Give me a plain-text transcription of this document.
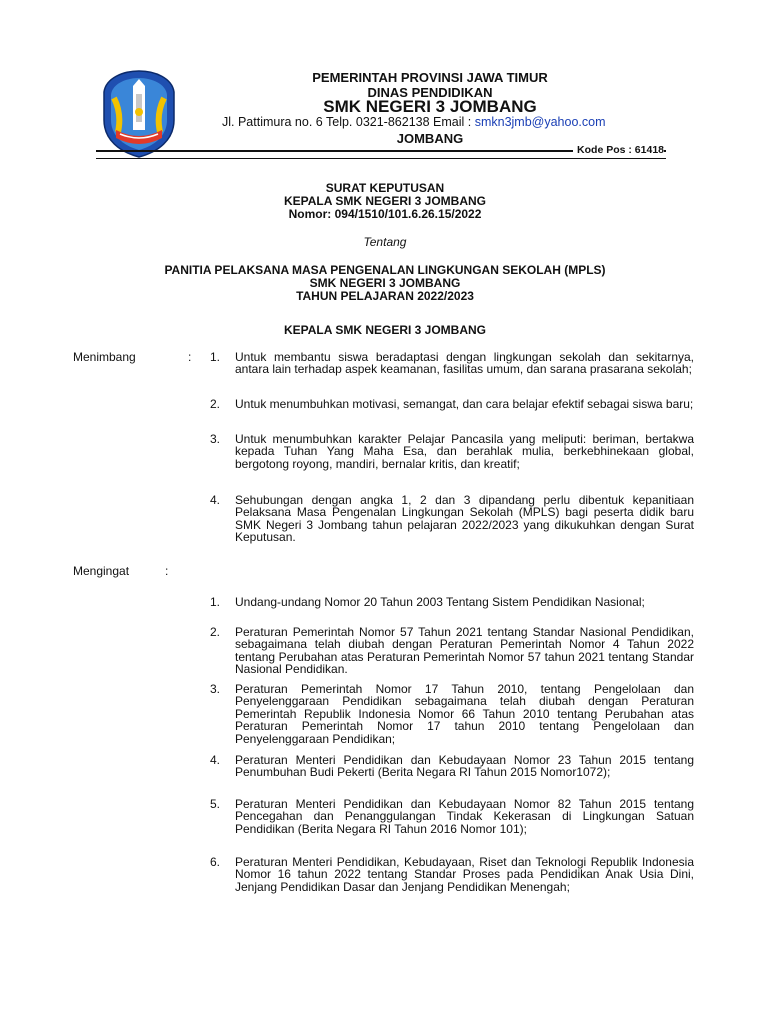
PEMERINTAH PROVINSI JAWA TIMUR
DINAS PENDIDIKAN
SMK NEGERI 3 JOMBANG
Jl. Pattimura no. 6 Telp. 0321-862138 Email : smkn3jmb@yahoo.com
JOMBANG
Kode Pos : 61418
SURAT KEPUTUSAN
KEPALA SMK NEGERI 3 JOMBANG
Nomor: 094/1510/101.6.26.15/2022
Tentang
PANITIA PELAKSANA MASA PENGENALAN LINGKUNGAN SEKOLAH (MPLS)
SMK NEGERI 3 JOMBANG
TAHUN PELAJARAN 2022/2023
KEPALA SMK NEGERI 3 JOMBANG
Menimbang	: 1.	Untuk membantu siswa beradaptasi dengan lingkungan sekolah dan sekitarnya, antara lain terhadap aspek keamanan, fasilitas umum, dan sarana prasarana sekolah;
2.	Untuk menumbuhkan motivasi, semangat, dan cara belajar efektif sebagai siswa baru;
3.	Untuk menumbuhkan karakter Pelajar Pancasila yang meliputi: beriman, bertakwa kepada Tuhan Yang Maha Esa, dan berahlak mulia, berkebhinekaan global, bergotong royong, mandiri, bernalar kritis, dan kreatif;
4.	Sehubungan dengan angka 1, 2 dan 3 dipandang perlu dibentuk kepanitiaan Pelaksana Masa Pengenalan Lingkungan Sekolah (MPLS) bagi peserta didik baru SMK Negeri 3 Jombang tahun pelajaran 2022/2023 yang dikukuhkan dengan Surat Keputusan.
Mengingat	:
1.	Undang-undang Nomor 20 Tahun 2003 Tentang Sistem Pendidikan Nasional;
2.	Peraturan Pemerintah Nomor 57 Tahun 2021 tentang Standar Nasional Pendidikan, sebagaimana telah diubah dengan Peraturan Pemerintah Nomor 4 Tahun 2022 tentang Perubahan atas Peraturan Pemerintah Nomor 57 tahun 2021 tentang Standar Nasional Pendidikan.
3.	Peraturan Pemerintah Nomor 17 Tahun 2010, tentang Pengelolaan dan Penyelenggaraan Pendidikan sebagaimana telah diubah dengan Peraturan Pemerintah Republik Indonesia Nomor 66 Tahun 2010 tentang Perubahan atas Peraturan Pemerintah Nomor 17 tahun 2010 tentang Pengelolaan dan Penyelenggaraan Pendidikan;
4.	Peraturan Menteri Pendidikan dan Kebudayaan Nomor 23 Tahun 2015 tentang Penumbuhan Budi Pekerti (Berita Negara RI Tahun 2015 Nomor1072);
5.	Peraturan Menteri Pendidikan dan Kebudayaan Nomor 82 Tahun 2015 tentang Pencegahan dan Penanggulangan Tindak Kekerasan di Lingkungan Satuan Pendidikan (Berita Negara RI Tahun 2016 Nomor 101);
6.	Peraturan Menteri Pendidikan, Kebudayaan, Riset dan Teknologi Republik Indonesia Nomor 16 tahun 2022 tentang Standar Proses pada Pendidikan Anak Usia Dini, Jenjang Pendidikan Dasar dan Jenjang Pendidikan Menengah;
